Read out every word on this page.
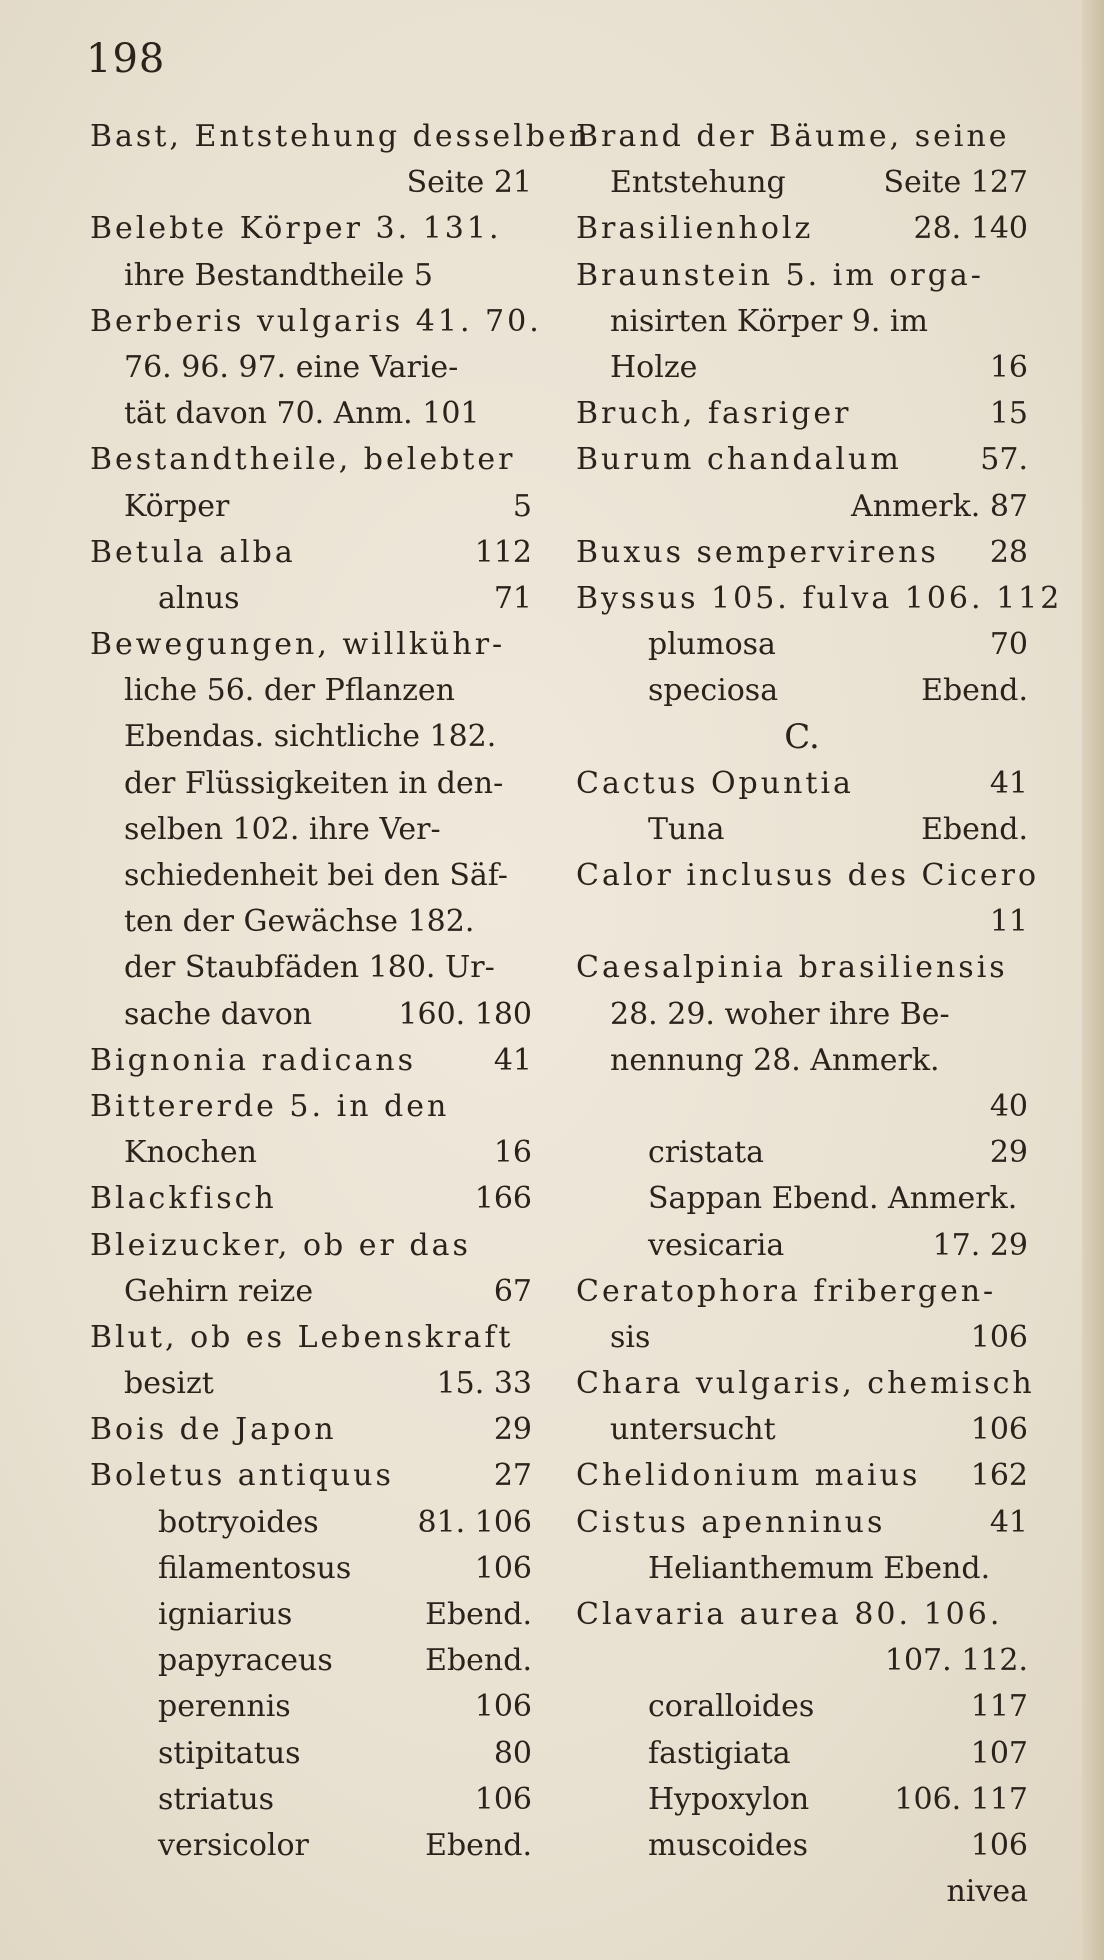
198
Bast, Entstehung desselben
Seite 21
Belebte Körper 3. 131.
ihre Bestandtheile 5
Berberis vulgaris 41. 70.
76. 96. 97. eine Varie-
tät davon 70. Anm. 101
Bestandtheile, belebter
Körper	5
Betula alba	112
alnus	71
Bewegungen, willkühr-
liche 56. der Pflanzen
Ebendas. sichtliche 182.
der Flüssigkeiten in den-
selben 102. ihre Ver-
schiedenheit bei den Säf-
ten der Gewächse 182.
der Staubfäden 180. Ur-
sache davon	160. 180
Bignonia radicans	41
Bittererde 5. in den
Knochen	16
Blackfisch	166
Bleizucker, ob er das
Gehirn reize	67
Blut, ob es Lebenskraft
besizt	15. 33
Bois de Japon	29
Boletus antiquus	27
botryoides	81. 106
filamentosus	106
igniarius	Ebend.
papyraceus	Ebend.
perennis	106
stipitatus	80
striatus	106
versicolor	Ebend.
Brand der Bäume, seine
Entstehung	Seite 127
Brasilienholz	28. 140
Braunstein 5. im orga-
nisirten Körper 9. im
Holze	16
Bruch, fasriger	15
Burum chandalum	57.
Anmerk. 87
Buxus sempervirens 28
Byssus 105. fulva 106. 112
plumosa	70
speciosa	Ebend.
C.
Cactus Opuntia	41
Tuna	Ebend.
Calor inclusus des Cicero
11
Caesalpinia brasiliensis
28. 29. woher ihre Be-
nennung 28. Anmerk.
40
cristata	29
Sappan Ebend. Anmerk.
vesicaria	17. 29
Ceratophora fribergen-
sis	106
Chara vulgaris, chemisch
untersucht	106
Chelidonium maius 162
Cistus apenninus	41
Helianthemum Ebend.
Clavaria aurea 80. 106.
107. 112.
coralloides	117
fastigiata	107
Hypoxylon	106. 117
muscoides	106
nivea
